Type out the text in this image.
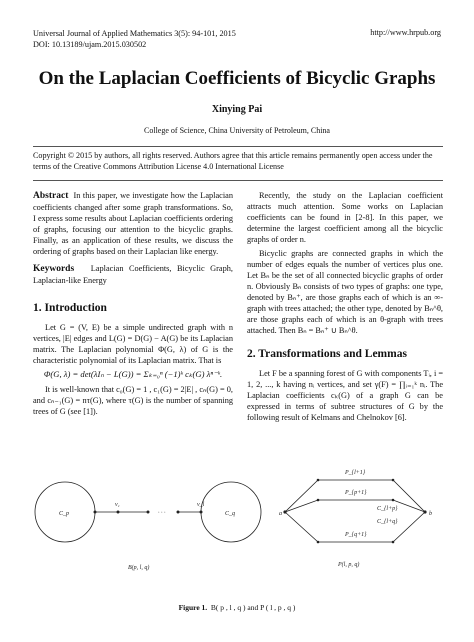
Universal Journal of Applied Mathematics 3(5): 94-101, 2015
DOI: 10.13189/ujam.2015.030502
http://www.hrpub.org
On the Laplacian Coefficients of Bicyclic Graphs
Xinying Pai
College of Science, China University of Petroleum, China
Copyright © 2015 by authors, all rights reserved. Authors agree that this article remains permanently open access under the terms of the Creative Commons Attribution License 4.0 International License

Abstract In this paper, we investigate how the Laplacian coefficients changed after some graph transformations. So, I express some results about Laplacian coefficients ordering of graphs, focusing our attention to the bicyclic graphs. Finally, as an application of these results, we discuss the ordering of graphs based on their Laplacian like energy.

Keywords Laplacian Coefficients, Bicyclic Graph, Laplacian-like Energy

1. Introduction

Let G = (V, E) be a simple undirected graph with n vertices, |E| edges and L(G) = D(G) − A(G) be its Laplacian matrix. The Laplacian polynomial Φ(G, λ) of G is the characteristic polynomial of its Laplacian matrix. That is

Φ(G, λ) = det(λIₙ − L(G)) = Σₖ₌₀ⁿ (−1)ᵏ cₖ(G) λⁿ⁻ᵏ.

It is well-known that c₀(G) = 1 , c₁(G) = 2|E| , cₙ(G) = 0, and cₙ₋₁(G) = nτ(G), where τ(G) is the number of spanning trees of G (see [1]).

Recently, the study on the Laplacian coefficient attracts much attention. Some works on Laplacian coefficients can be found in [2-8]. In this paper, we determine the largest coefficient among all the bicyclic graphs of order n.

Bicyclic graphs are connected graphs in which the number of edges equals the number of vertices plus one. Let Bₙ be the set of all connected bicyclic graphs of order n. Obviously Bₙ consists of two types of graphs: one type, denoted by Bₙ⁺, are those graphs each of which is an ∞-graph with trees attached; the other type, denoted by Bₙ^θ, are those graphs each of which is an θ-graph with trees attached. Then Bₙ = Bₙ⁺ ∪ Bₙ^θ.

2. Transformations and Lemmas

Let F be a spanning forest of G with components Tᵢ, i = 1, 2, ..., k having nᵢ vertices, and set γ(F) = ∏ᵢ₌₁ᵏ nᵢ. The Laplacian coefficients cₖ(G) of a graph G can be expressed in terms of subtree structures of G by the following result of Kelmans and Chelnokov [6].

· · ·
C_p	C_q
v₁	v_l
B(p, l, q)
a	b
P_{l+1}
P_{p+1}
P_{q+1}
C_{l+p}
C_{l+q}
P(l, p, q)
Figure 1. B( p , l , q ) and P ( l , p , q )
